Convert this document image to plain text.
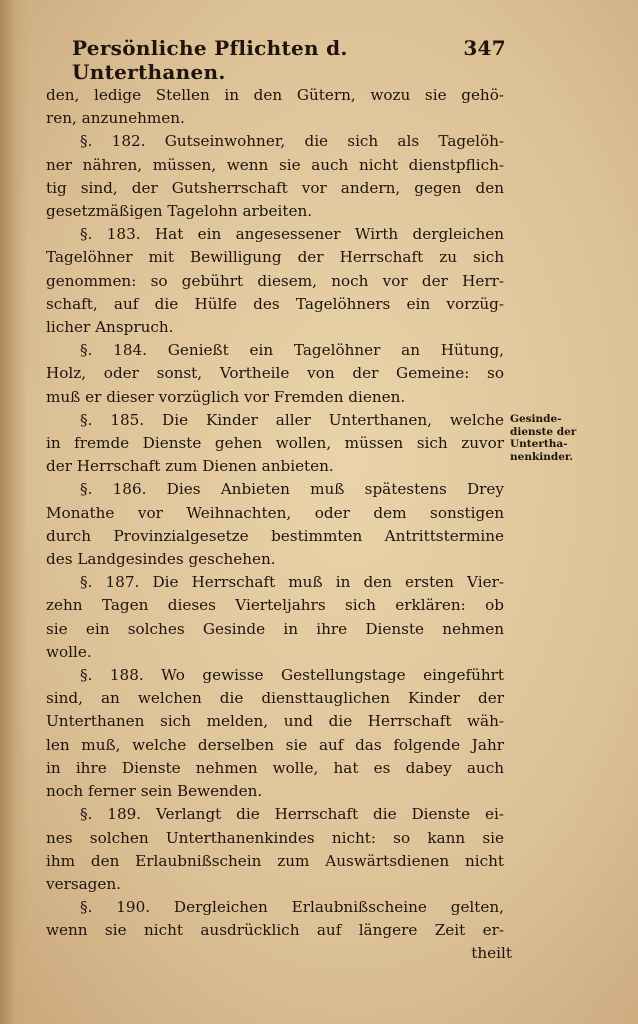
Persönliche Pflichten d. Unterthanen.
347
den, ledige Stellen in den Gütern, wozu sie gehö-
ren, anzunehmen.
§. 182. Gutseinwohner, die sich als Tagelöh-
ner nähren, müssen, wenn sie auch nicht dienstpflich-
tig sind, der Gutsherrschaft vor andern, gegen den
gesetzmäßigen Tagelohn arbeiten.
§. 183. Hat ein angesessener Wirth dergleichen
Tagelöhner mit Bewilligung der Herrschaft zu sich
genommen: so gebührt diesem, noch vor der Herr-
schaft, auf die Hülfe des Tagelöhners ein vorzüg-
licher Anspruch.
§. 184. Genießt ein Tagelöhner an Hütung,
Holz, oder sonst, Vortheile von der Gemeine: so
muß er dieser vorzüglich vor Fremden dienen.
§. 185. Die Kinder aller Unterthanen, welche
in fremde Dienste gehen wollen, müssen sich zuvor
der Herrschaft zum Dienen anbieten.
§. 186. Dies Anbieten muß spätestens Drey
Monathe vor Weihnachten, oder dem sonstigen
durch Provinzialgesetze bestimmten Antrittstermine
des Landgesindes geschehen.
§. 187. Die Herrschaft muß in den ersten Vier-
zehn Tagen dieses Vierteljahrs sich erklären: ob
sie ein solches Gesinde in ihre Dienste nehmen
wolle.
§. 188. Wo gewisse Gestellungstage eingeführt
sind, an welchen die diensttauglichen Kinder der
Unterthanen sich melden, und die Herrschaft wäh-
len muß, welche derselben sie auf das folgende Jahr
in ihre Dienste nehmen wolle, hat es dabey auch
noch ferner sein Bewenden.
§. 189. Verlangt die Herrschaft die Dienste ei-
nes solchen Unterthanenkindes nicht: so kann sie
ihm den Erlaubnißschein zum Auswärtsdienen nicht
versagen.
§. 190. Dergleichen Erlaubnißscheine gelten,
wenn sie nicht ausdrücklich auf längere Zeit er-
Gesinde-
dienste der
Untertha-
nenkinder.
theilt
